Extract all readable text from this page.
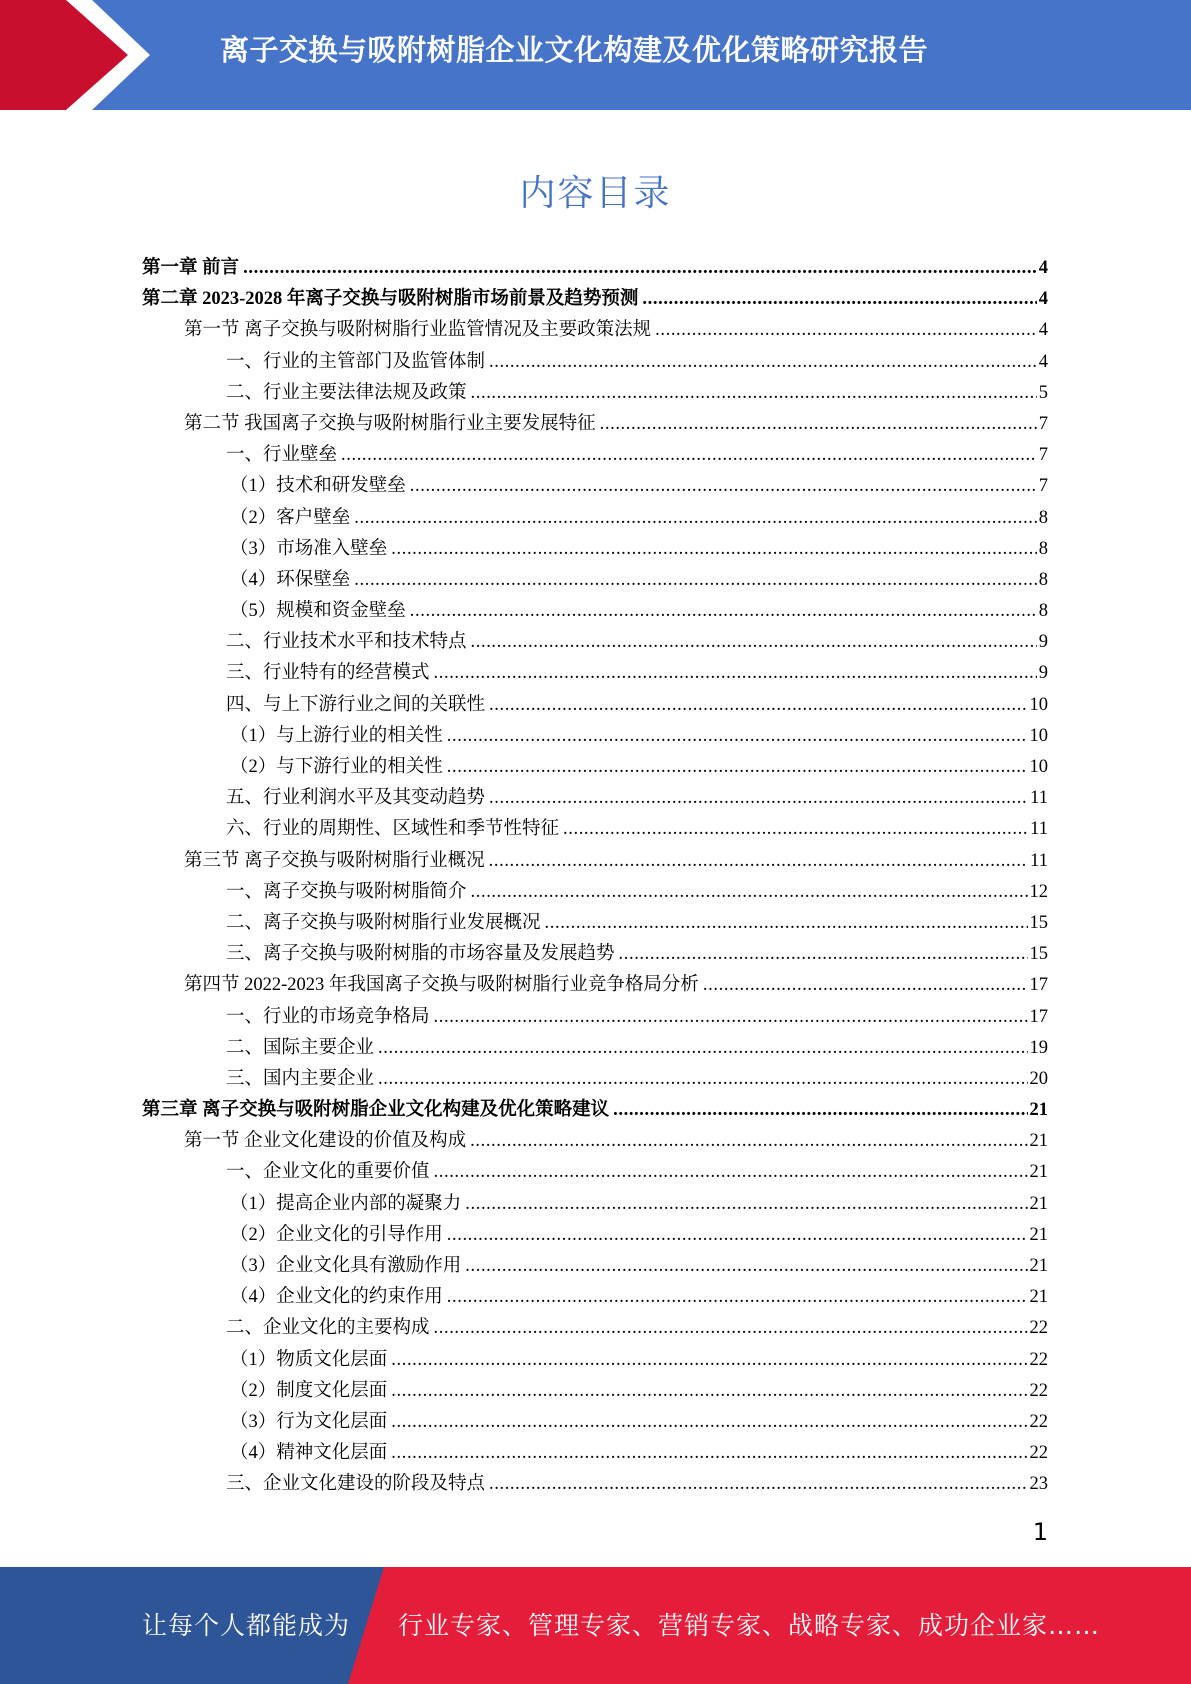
离子交换与吸附树脂企业文化构建及优化策略研究报告
内容目录
第一章 前言 .....	4
第二章 2023-2028 年离子交换与吸附树脂市场前景及趋势预测 .....	4
第一节 离子交换与吸附树脂行业监管情况及主要政策法规 .....	4
一、行业的主管部门及监管体制 .....	4
二、行业主要法律法规及政策 .....	5
第二节 我国离子交换与吸附树脂行业主要发展特征 .....	7
一、行业壁垒 .....	7
（1）技术和研发壁垒 .....	7
（2）客户壁垒 .....	8
（3）市场准入壁垒 .....	8
（4）环保壁垒 .....	8
（5）规模和资金壁垒 .....	8
二、行业技术水平和技术特点 .....	9
三、行业特有的经营模式 .....	9
四、与上下游行业之间的关联性 .....	10
（1）与上游行业的相关性 .....	10
（2）与下游行业的相关性 .....	10
五、行业利润水平及其变动趋势 .....	11
六、行业的周期性、区域性和季节性特征 .....	11
第三节 离子交换与吸附树脂行业概况 .....	11
一、离子交换与吸附树脂简介 .....	12
二、离子交换与吸附树脂行业发展概况 .....	15
三、离子交换与吸附树脂的市场容量及发展趋势 .....	15
第四节 2022-2023 年我国离子交换与吸附树脂行业竞争格局分析 .....	17
一、行业的市场竞争格局 .....	17
二、国际主要企业 .....	19
三、国内主要企业 .....	20
第三章 离子交换与吸附树脂企业文化构建及优化策略建议 .....	21
第一节 企业文化建设的价值及构成 .....	21
一、企业文化的重要价值 .....	21
（1）提高企业内部的凝聚力 .....	21
（2）企业文化的引导作用 .....	21
（3）企业文化具有激励作用 .....	21
（4）企业文化的约束作用 .....	21
二、企业文化的主要构成 .....	22
（1）物质文化层面 .....	22
（2）制度文化层面 .....	22
（3）行为文化层面 .....	22
（4）精神文化层面 .....	22
三、企业文化建设的阶段及特点 .....	23
1
让每个人都能成为 行业专家、管理专家、营销专家、战略专家、成功企业家……
